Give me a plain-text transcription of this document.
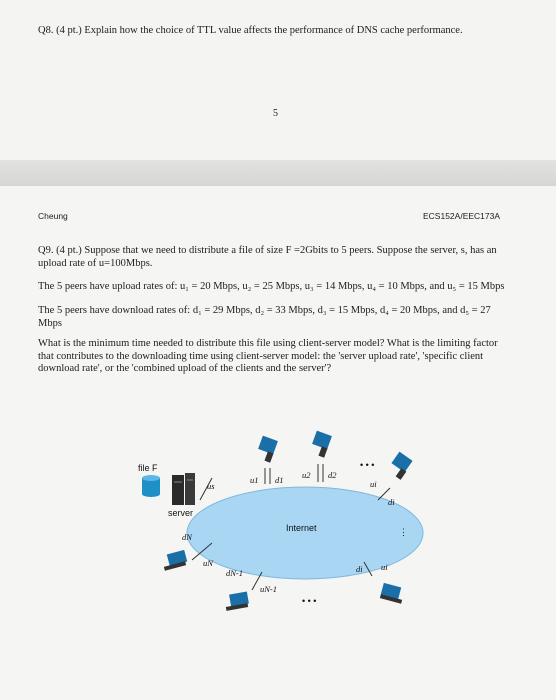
Q8. (4 pt.) Explain how the choice of TTL value affects the performance of DNS cache performance.
5
Cheung	ECS152A/EEC173A
Q9. (4 pt.) Suppose that we need to distribute a file of size F =2Gbits to 5 peers. Suppose the server, s, has an upload rate of u=100Mbps.
The 5 peers have upload rates of: u₁ = 20 Mbps, u₂ = 25 Mbps, u₃ = 14 Mbps, u₄ = 10 Mbps, and u₅ = 15 Mbps
The 5 peers have download rates of: d₁ = 29 Mbps, d₂ = 33 Mbps, d₃ = 15 Mbps, d₄ = 20 Mbps, and d₅ = 27 Mbps
What is the minimum time needed to distribute this file using client-server model? What is the limiting factor that contributes to the downloading time using client-server model: the 'server upload rate', 'specific client download rate', or the 'combined upload of the clients and the server'?
Internet
file F
server
us
dN
uN
dN-1
uN-1
• • •
u1 d1 u2 d2
• • •
ui
di
⋮
di ui
